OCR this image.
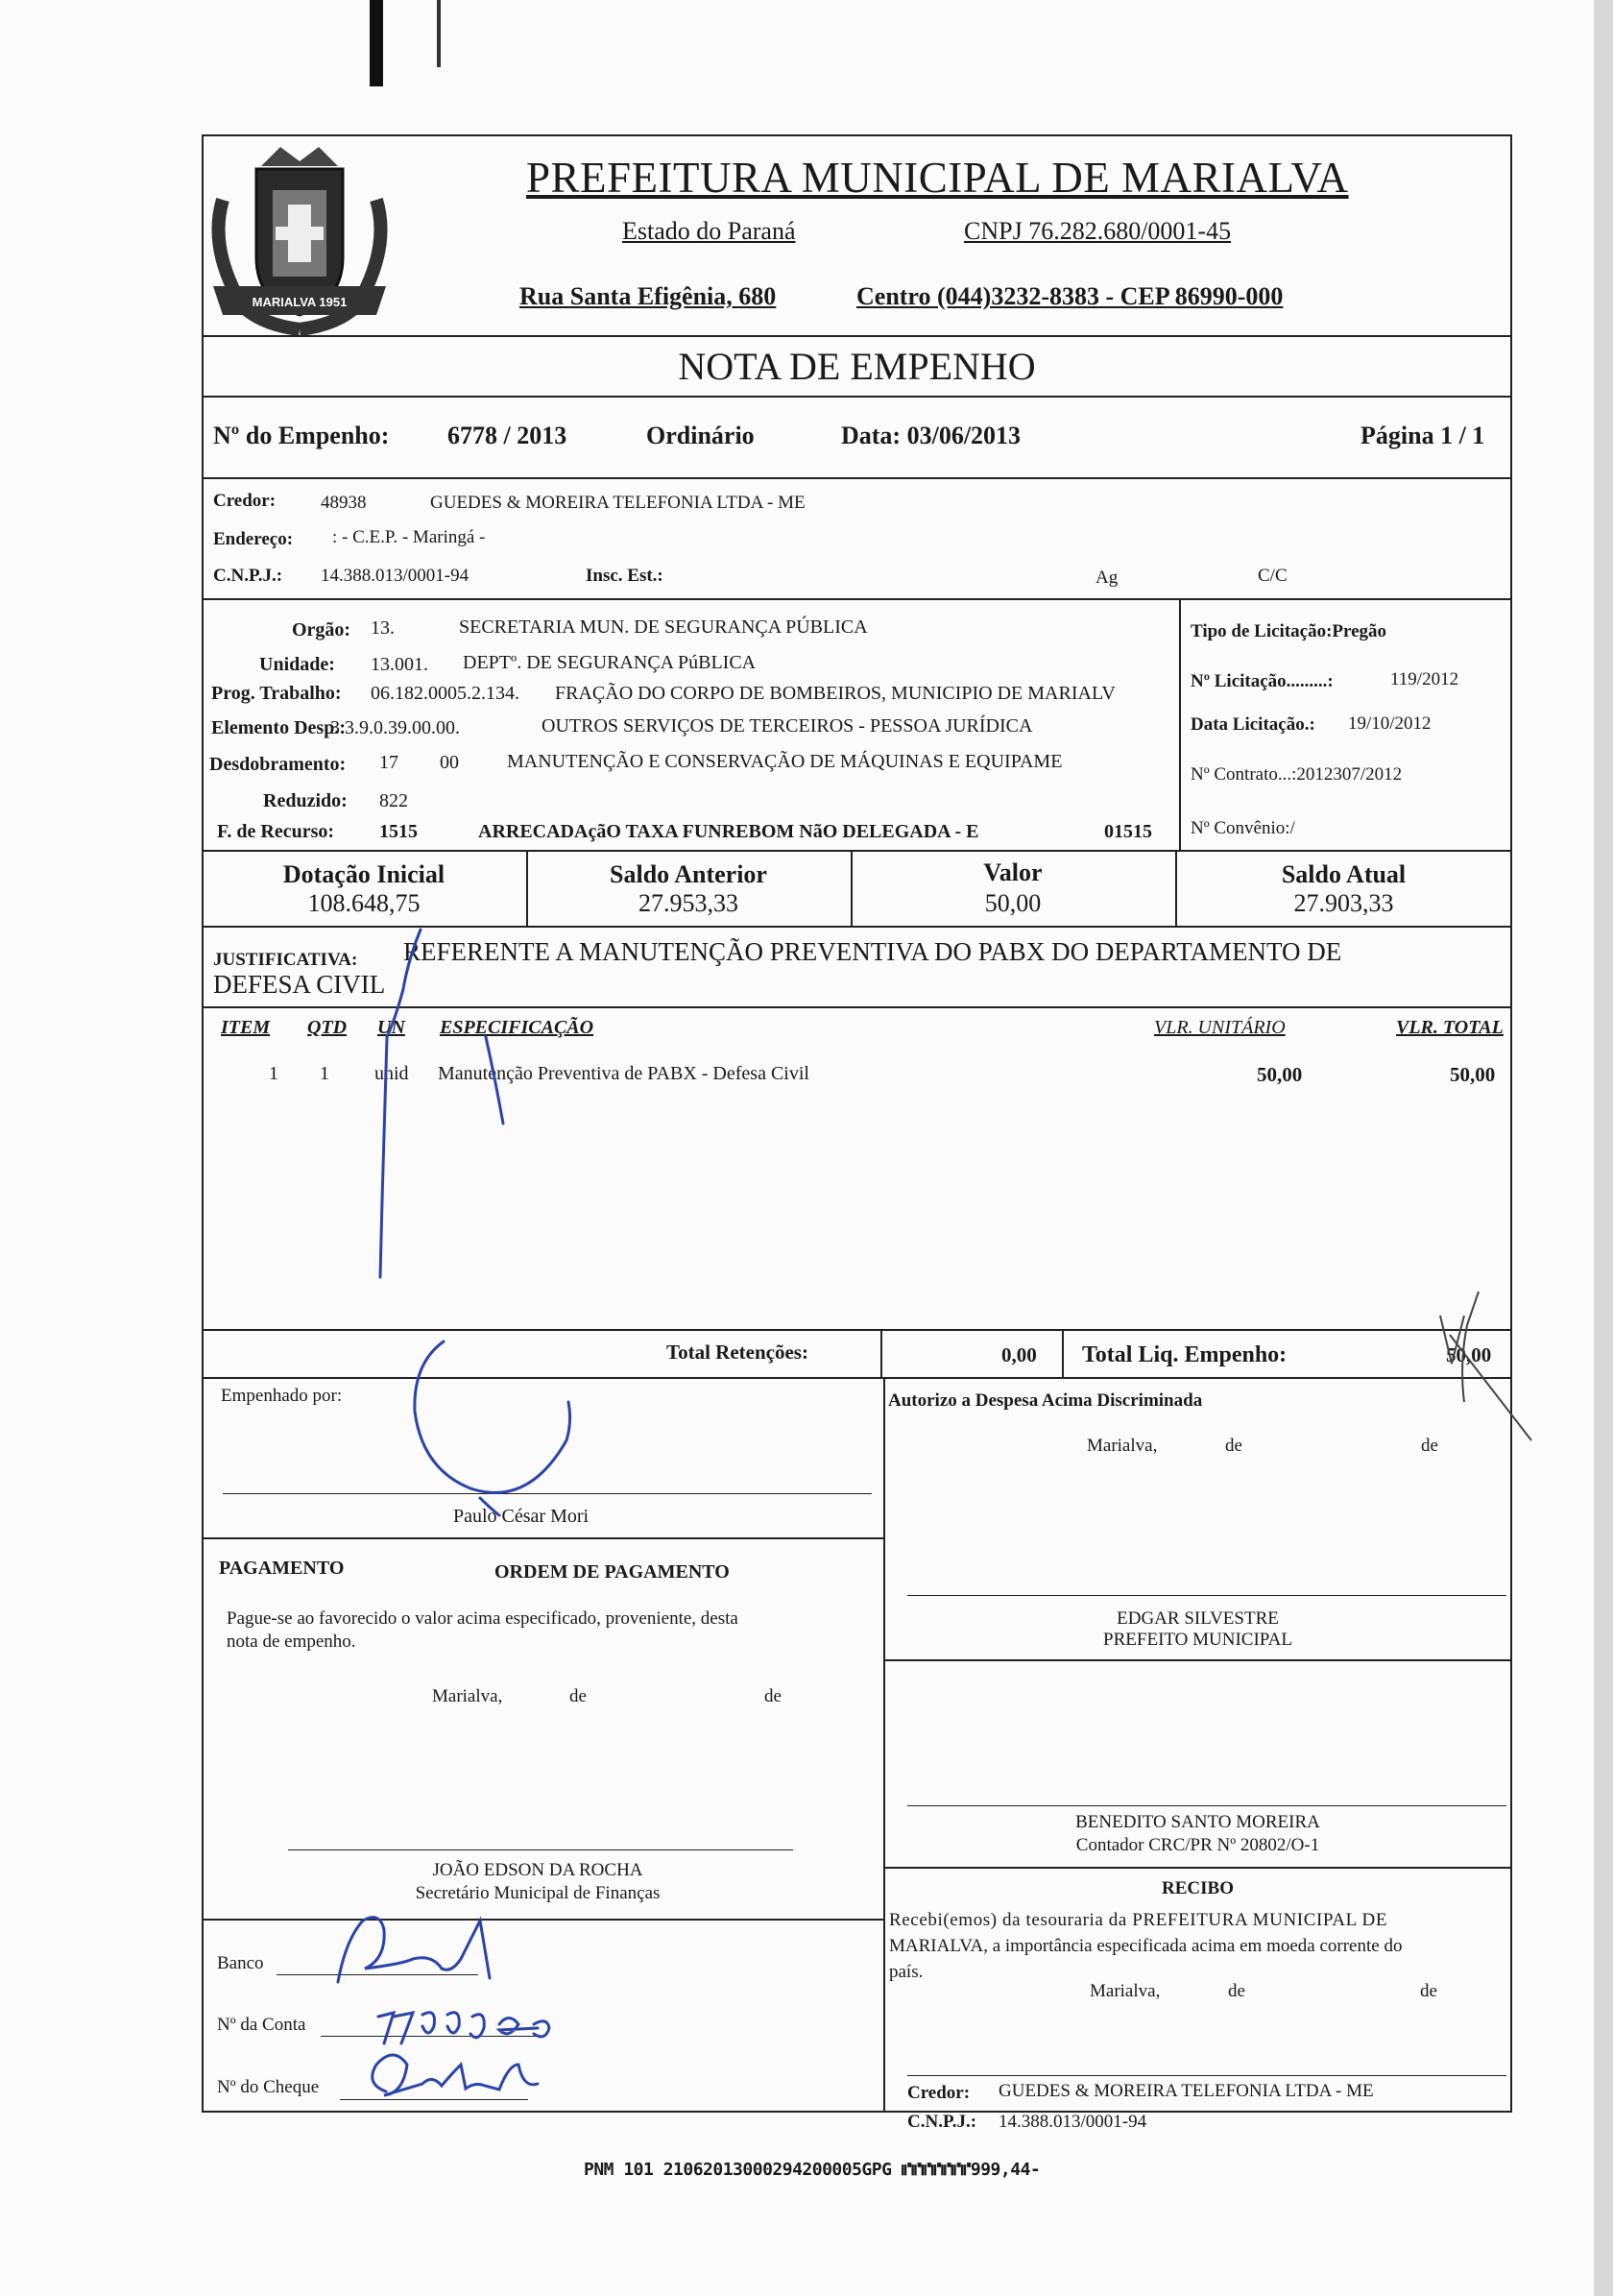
MARIALVA 1951
PREFEITURA MUNICIPAL DE MARIALVA
Estado do Paraná	CNPJ 76.282.680/0001-45
Rua Santa Efigênia, 680	Centro (044)3232-8383 - CEP 86990-000
NOTA DE EMPENHO
Nº do Empenho: 6778 / 2013	Ordinário	Data: 03/06/2013	Página 1 / 1
Credor: 48938	GUEDES & MOREIRA TELEFONIA LTDA - ME
Endereço: : - C.E.P. - Maringá -
C.N.P.J.: 14.388.013/0001-94	Insc. Est.:	Ag	C/C
Orgão: 13.	SECRETARIA MUN. DE SEGURANÇA PÚBLICA
Unidade: 13.001. DEPTº. DE SEGURANÇA PúBLICA
Prog. Trabalho: 06.182.0005.2.134. FRAÇÃO DO CORPO DE BOMBEIROS, MUNICIPIO DE MARIALV
Elemento Desp.:
3.3.9.0.39.00.00.	OUTROS SERVIÇOS DE TERCEIROS - PESSOA JURÍDICA
Desdobramento: 17 00	MANUTENÇÃO E CONSERVAÇÃO DE MÁQUINAS E EQUIPAME
Reduzido: 822
F. de Recurso: 1515	ARRECADAçãO TAXA FUNREBOM NãO DELEGADA - E	01515
Tipo de Licitação:Pregão
Nº Licitação.........:	119/2012
Data Licitação.: 19/10/2012
Nº Contrato...:2012307/2012
Nº Convênio:/
Dotação Inicial
108.648,75
Saldo Anterior
27.953,33
Valor
50,00
Saldo Atual
27.903,33
JUSTIFICATIVA: REFERENTE A MANUTENÇÃO PREVENTIVA DO PABX DO DEPARTAMENTO DE
DEFESA CIVIL
ITEM QTD UN ESPECIFICAÇÃO	VLR. UNITÁRIO	VLR. TOTAL
1 1 unid Manutenção Preventiva de PABX - Defesa Civil	50,00	50,00
Total Retenções:	0,00 Total Liq. Empenho:	50,00
Empenhado por:
Paulo César Mori
Autorizo a Despesa Acima Discriminada
Marialva,	de	de
EDGAR SILVESTRE
PREFEITO MUNICIPAL
PAGAMENTO	ORDEM DE PAGAMENTO
Pague-se ao favorecido o valor acima especificado, proveniente, desta
nota de empenho.
Marialva,	de	de
JOÃO EDSON DA ROCHA
Secretário Municipal de Finanças
Banco
Nº da Conta
Nº do Cheque
BENEDITO SANTO MOREIRA
Contador CRC/PR Nº 20802/O-1
RECIBO
Recebi(emos) da tesouraria da PREFEITURA MUNICIPAL DE
MARIALVA, a importância especificada acima em moeda corrente do
país.
Marialva,	de	de
Credor: GUEDES & MOREIRA TELEFONIA LTDA - ME
C.N.P.J.: 14.388.013/0001-94
PNM 101 21062013000294200005GPG ⑈⑈⑈⑈⑈⑈⑈999,44-
